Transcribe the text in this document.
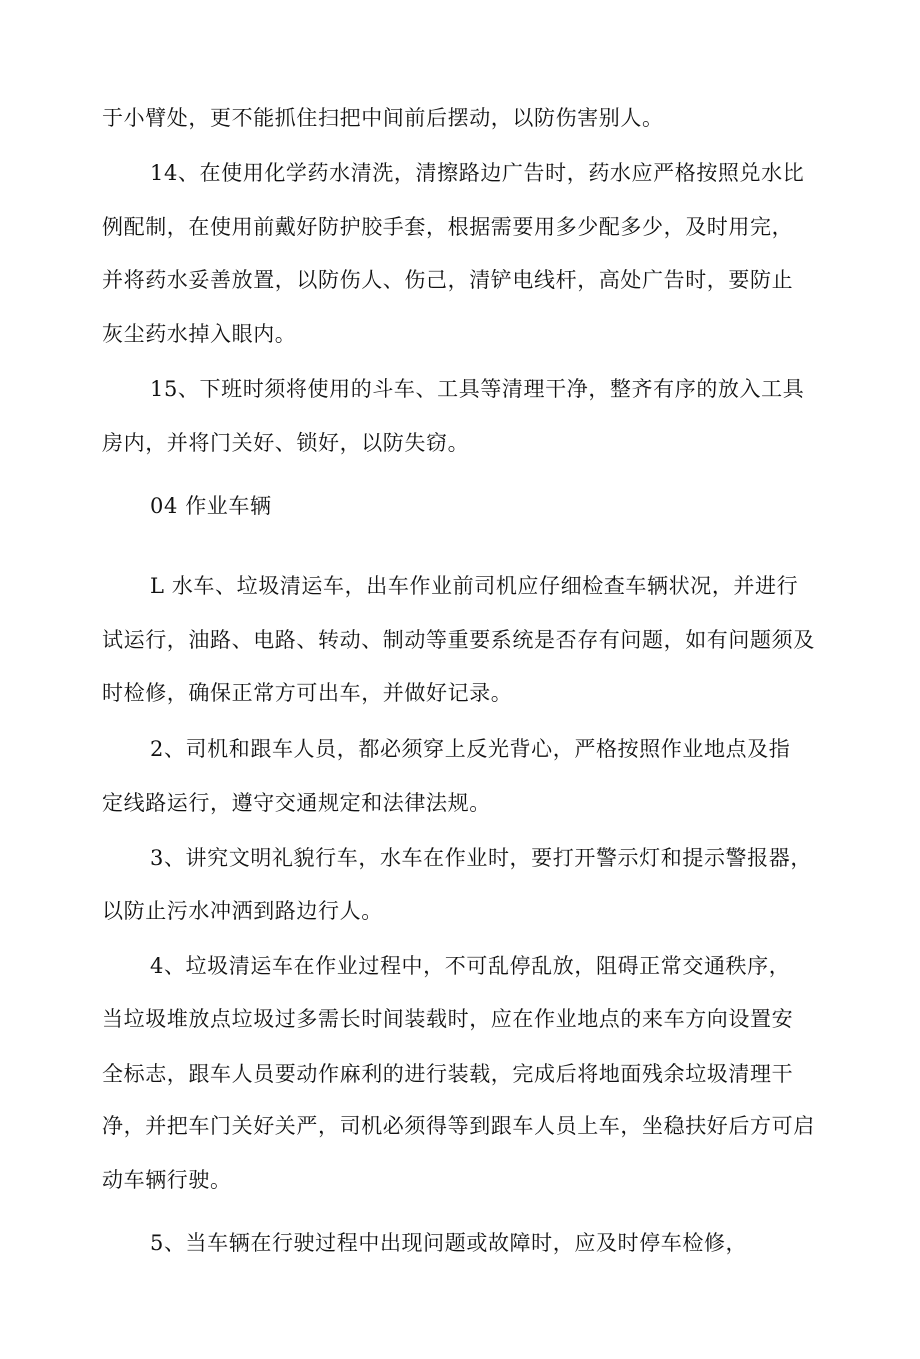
于小臂处，更不能抓住扫把中间前后摆动，以防伤害别人。
14、在使用化学药水清洗，清擦路边广告时，药水应严格按照兑水比
例配制，在使用前戴好防护胶手套，根据需要用多少配多少，及时用完，
并将药水妥善放置，以防伤人、伤己，清铲电线杆，高处广告时，要防止
灰尘药水掉入眼内。
15、下班时须将使用的斗车、工具等清理干净，整齐有序的放入工具
房内，并将门关好、锁好，以防失窃。
04 作业车辆
L 水车、垃圾清运车，出车作业前司机应仔细检查车辆状况，并进行
试运行，油路、电路、转动、制动等重要系统是否存有问题，如有问题须及
时检修，确保正常方可出车，并做好记录。
2、司机和跟车人员，都必须穿上反光背心，严格按照作业地点及指
定线路运行，遵守交通规定和法律法规。
3、讲究文明礼貌行车，水车在作业时，要打开警示灯和提示警报器，
以防止污水冲洒到路边行人。
4、垃圾清运车在作业过程中，不可乱停乱放，阻碍正常交通秩序，
当垃圾堆放点垃圾过多需长时间装载时，应在作业地点的来车方向设置安
全标志，跟车人员要动作麻利的进行装载，完成后将地面残余垃圾清理干
净，并把车门关好关严，司机必须得等到跟车人员上车，坐稳扶好后方可启
动车辆行驶。
5、当车辆在行驶过程中出现问题或故障时，应及时停车检修，
